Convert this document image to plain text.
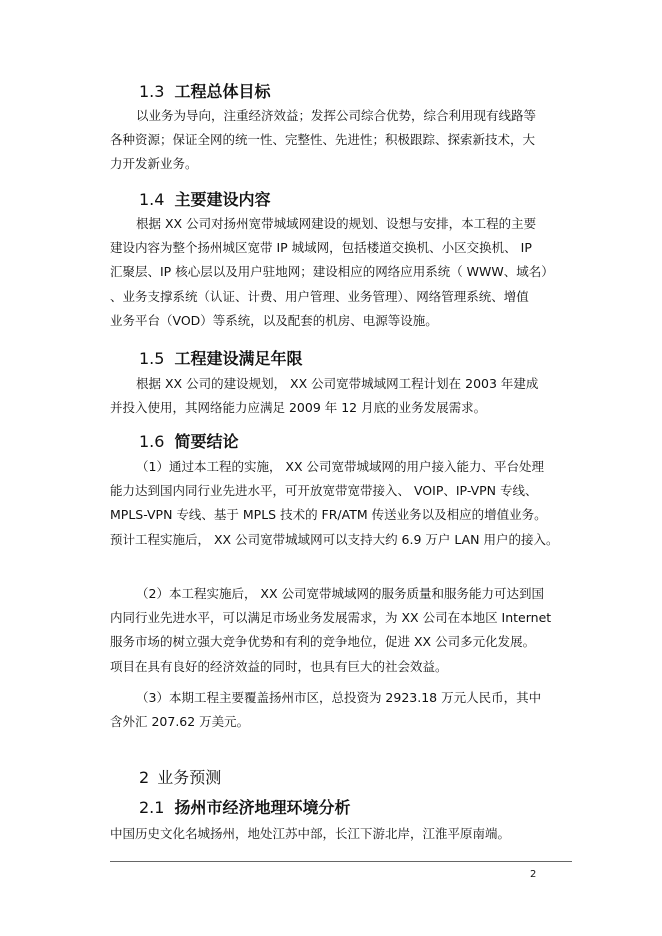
1.3 工程总体目标
以业务为导向，注重经济效益；发挥公司综合优势，综合利用现有线路等
各种资源；保证全网的统一性、完整性、先进性；积极跟踪、探索新技术，大
力开发新业务。
1.4 主要建设内容
根据 XX 公司对扬州宽带城域网建设的规划、设想与安排，本工程的主要
建设内容为整个扬州城区宽带 IP 城域网，包括楼道交换机、小区交换机、 IP
汇聚层、IP 核心层以及用户驻地网；建设相应的网络应用系统（ WWW、域名）
、业务支撑系统（认证、计费、用户管理、业务管理）、网络管理系统、增值
业务平台（VOD）等系统，以及配套的机房、电源等设施。
1.5 工程建设满足年限
根据 XX 公司的建设规划， XX 公司宽带城域网工程计划在 2003 年建成
并投入使用，其网络能力应满足 2009 年 12 月底的业务发展需求。
1.6 简要结论
（1）通过本工程的实施， XX 公司宽带城域网的用户接入能力、平台处理
能力达到国内同行业先进水平，可开放宽带宽带接入、 VOIP、IP-VPN 专线、
MPLS-VPN 专线、基于 MPLS 技术的 FR/ATM 传送业务以及相应的增值业务。
预计工程实施后， XX 公司宽带城域网可以支持大约 6.9 万户 LAN 用户的接入。
（2）本工程实施后， XX 公司宽带城域网的服务质量和服务能力可达到国
内同行业先进水平，可以满足市场业务发展需求，为 XX 公司在本地区 Internet
服务市场的树立强大竞争优势和有利的竞争地位，促进 XX 公司多元化发展。
项目在具有良好的经济效益的同时，也具有巨大的社会效益。
（3）本期工程主要覆盖扬州市区，总投资为 2923.18 万元人民币，其中
含外汇 207.62 万美元。
2 业务预测
2.1 扬州市经济地理环境分析
中国历史文化名城扬州，地处江苏中部，长江下游北岸，江淮平原南端。
2
